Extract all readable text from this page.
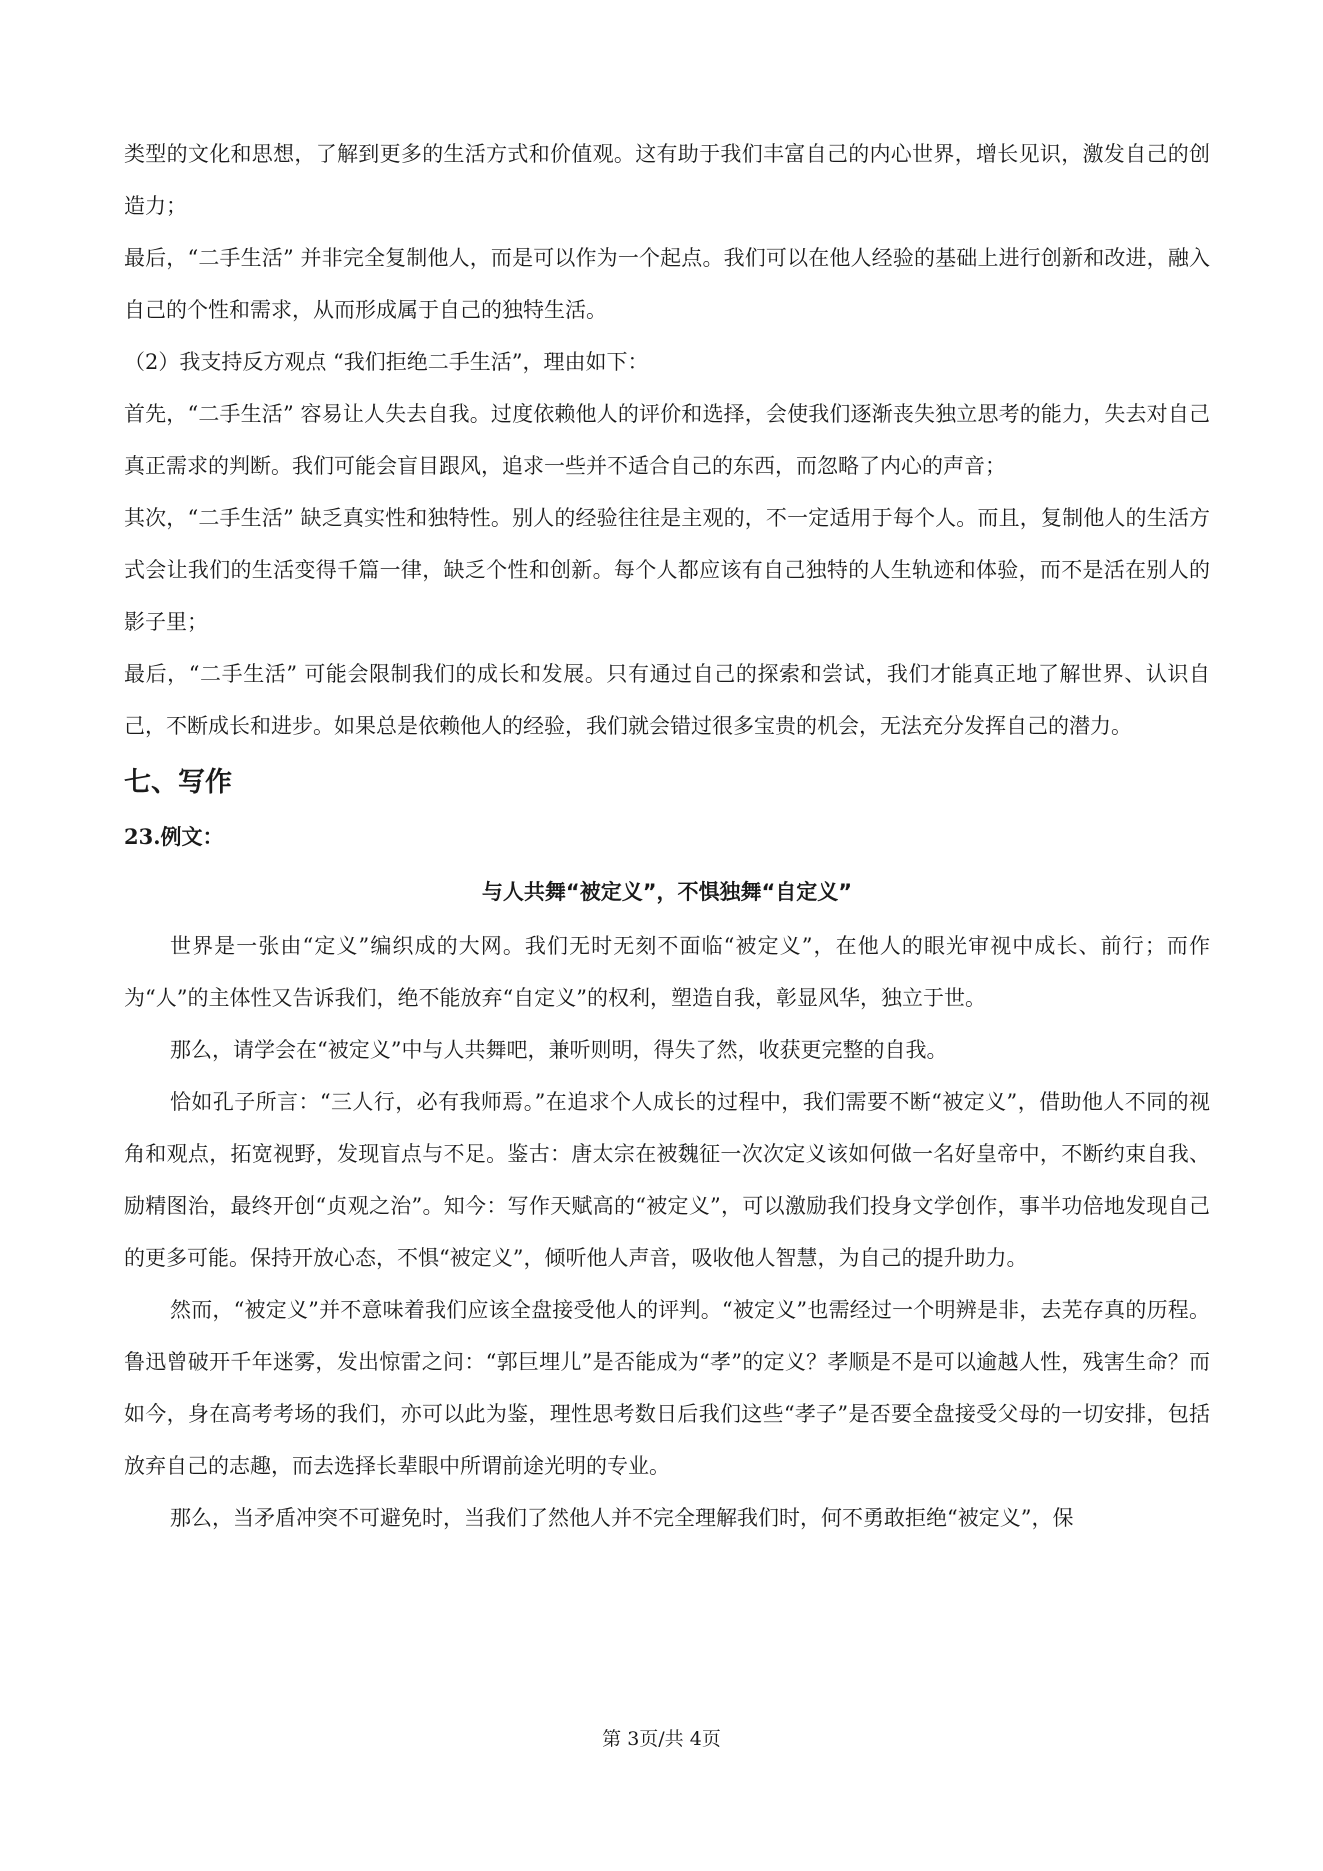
类型的文化和思想，了解到更多的生活方式和价值观。这有助于我们丰富自己的内心世界，增长见识，激发自己的创造力；

最后，“二手生活” 并非完全复制他人，而是可以作为一个起点。我们可以在他人经验的基础上进行创新和改进，融入自己的个性和需求，从而形成属于自己的独特生活。

（2）我支持反方观点 “我们拒绝二手生活”，理由如下：

首先，“二手生活” 容易让人失去自我。过度依赖他人的评价和选择，会使我们逐渐丧失独立思考的能力，失去对自己真正需求的判断。我们可能会盲目跟风，追求一些并不适合自己的东西，而忽略了内心的声音；

其次，“二手生活” 缺乏真实性和独特性。别人的经验往往是主观的，不一定适用于每个人。而且，复制他人的生活方式会让我们的生活变得千篇一律，缺乏个性和创新。每个人都应该有自己独特的人生轨迹和体验，而不是活在别人的影子里；

最后，“二手生活” 可能会限制我们的成长和发展。只有通过自己的探索和尝试，我们才能真正地了解世界、认识自己，不断成长和进步。如果总是依赖他人的经验，我们就会错过很多宝贵的机会，无法充分发挥自己的潜力。

七、写作

23.例文：

与人共舞“被定义”，不惧独舞“自定义”

世界是一张由“定义”编织成的大网。我们无时无刻不面临“被定义”，在他人的眼光审视中成长、前行；而作为“人”的主体性又告诉我们，绝不能放弃“自定义”的权利，塑造自我，彰显风华，独立于世。

那么，请学会在“被定义”中与人共舞吧，兼听则明，得失了然，收获更完整的自我。

恰如孔子所言：“三人行，必有我师焉。”在追求个人成长的过程中，我们需要不断“被定义”，借助他人不同的视角和观点，拓宽视野，发现盲点与不足。鉴古：唐太宗在被魏征一次次定义该如何做一名好皇帝中，不断约束自我、励精图治，最终开创“贞观之治”。知今：写作天赋高的“被定义”，可以激励我们投身文学创作，事半功倍地发现自己的更多可能。保持开放心态，不惧“被定义”，倾听他人声音，吸收他人智慧，为自己的提升助力。

然而，“被定义”并不意味着我们应该全盘接受他人的评判。“被定义”也需经过一个明辨是非，去芜存真的历程。鲁迅曾破开千年迷雾，发出惊雷之问：“郭巨埋儿”是否能成为“孝”的定义？孝顺是不是可以逾越人性，残害生命？而如今，身在高考考场的我们，亦可以此为鉴，理性思考数日后我们这些“孝子”是否要全盘接受父母的一切安排，包括放弃自己的志趣，而去选择长辈眼中所谓前途光明的专业。

那么，当矛盾冲突不可避免时，当我们了然他人并不完全理解我们时，何不勇敢拒绝“被定义”，保

第 3页/共 4页
